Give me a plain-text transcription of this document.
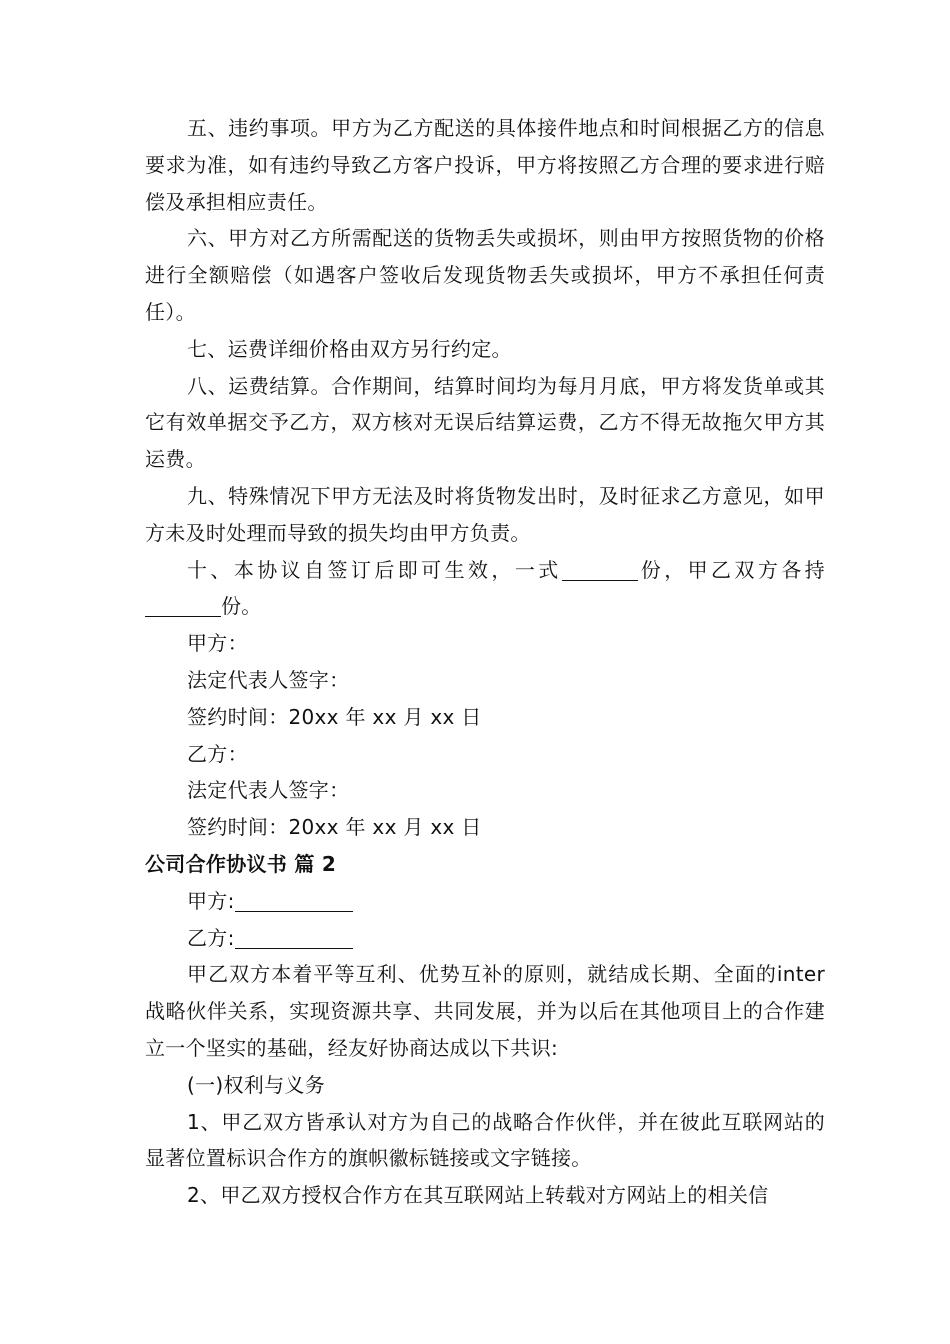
五、违约事项。甲方为乙方配送的具体接件地点和时间根据乙方的信息要求为准，如有违约导致乙方客户投诉，甲方将按照乙方合理的要求进行赔偿及承担相应责任。

六、甲方对乙方所需配送的货物丢失或损坏，则由甲方按照货物的价格进行全额赔偿（如遇客户签收后发现货物丢失或损坏，甲方不承担任何责任）。

七、运费详细价格由双方另行约定。

八、运费结算。合作期间，结算时间均为每月月底，甲方将发货单或其它有效单据交予乙方，双方核对无误后结算运费，乙方不得无故拖欠甲方其运费。

九、特殊情况下甲方无法及时将货物发出时，及时征求乙方意见，如甲方未及时处理而导致的损失均由甲方负责。

十、本协议自签订后即可生效，一式	份，甲乙双方各持份。

甲方：

法定代表人签字：

签约时间：20xx 年 xx 月 xx 日

乙方：

法定代表人签字：

签约时间：20xx 年 xx 月 xx 日

公司合作协议书 篇 2

甲方:

乙方:

甲乙双方本着平等互利、优势互补的原则，就结成长期、全面的inter 战略伙伴关系，实现资源共享、共同发展，并为以后在其他项目上的合作建立一个坚实的基础，经友好协商达成以下共识:

(一)权利与义务

1、甲乙双方皆承认对方为自己的战略合作伙伴，并在彼此互联网站的显著位置标识合作方的旗帜徽标链接或文字链接。

2、甲乙双方授权合作方在其互联网站上转载对方网站上的相关信
